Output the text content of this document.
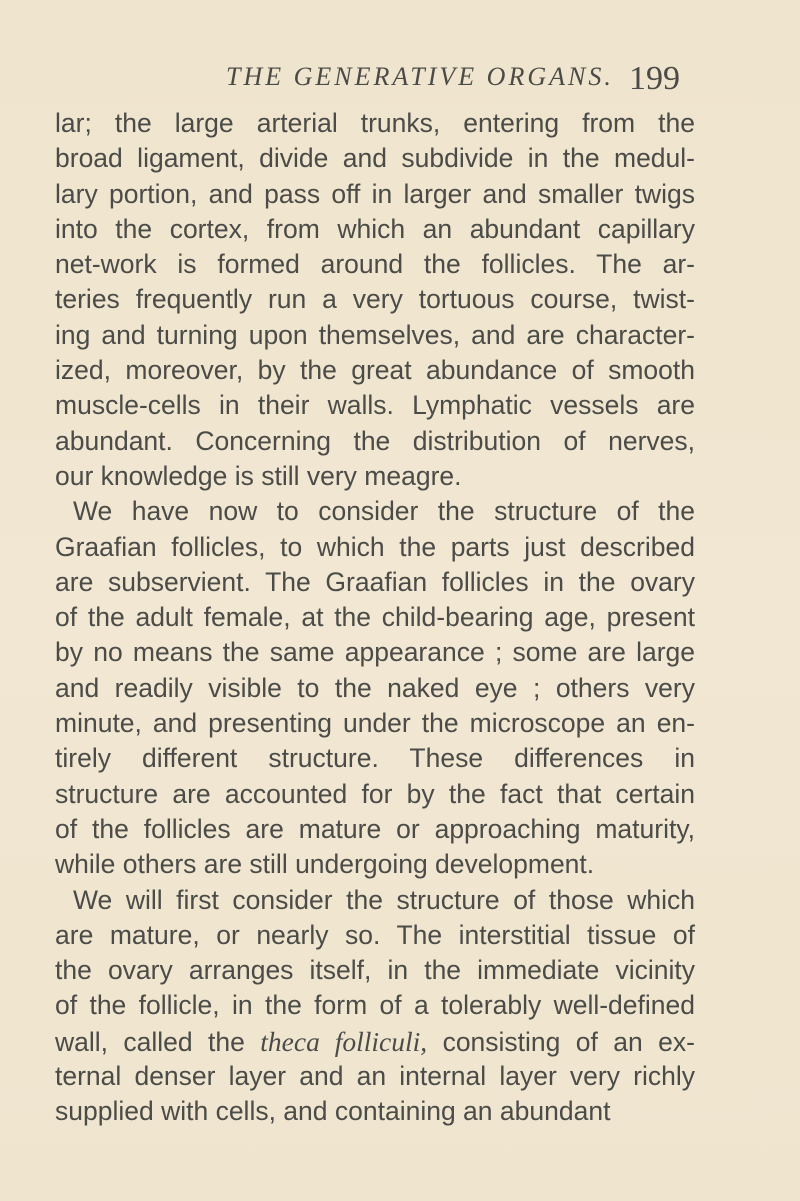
THE GENERATIVE ORGANS. 199
lar; the large arterial trunks, entering from the
broad ligament, divide and subdivide in the medul-
lary portion, and pass off in larger and smaller twigs
into the cortex, from which an abundant capillary
net-work is formed around the follicles. The ar-
teries frequently run a very tortuous course, twist-
ing and turning upon themselves, and are character-
ized, moreover, by the great abundance of smooth
muscle-cells in their walls. Lymphatic vessels are
abundant. Concerning the distribution of nerves,
our knowledge is still very meagre.
We have now to consider the structure of the
Graafian follicles, to which the parts just described
are subservient. The Graafian follicles in the ovary
of the adult female, at the child-bearing age, present
by no means the same appearance ; some are large
and readily visible to the naked eye ; others very
minute, and presenting under the microscope an en-
tirely different structure. These differences in
structure are accounted for by the fact that certain
of the follicles are mature or approaching maturity,
while others are still undergoing development.
We will first consider the structure of those which
are mature, or nearly so. The interstitial tissue of
the ovary arranges itself, in the immediate vicinity
of the follicle, in the form of a tolerably well-defined
wall, called the theca folliculi, consisting of an ex-
ternal denser layer and an internal layer very richly
supplied with cells, and containing an abundant
